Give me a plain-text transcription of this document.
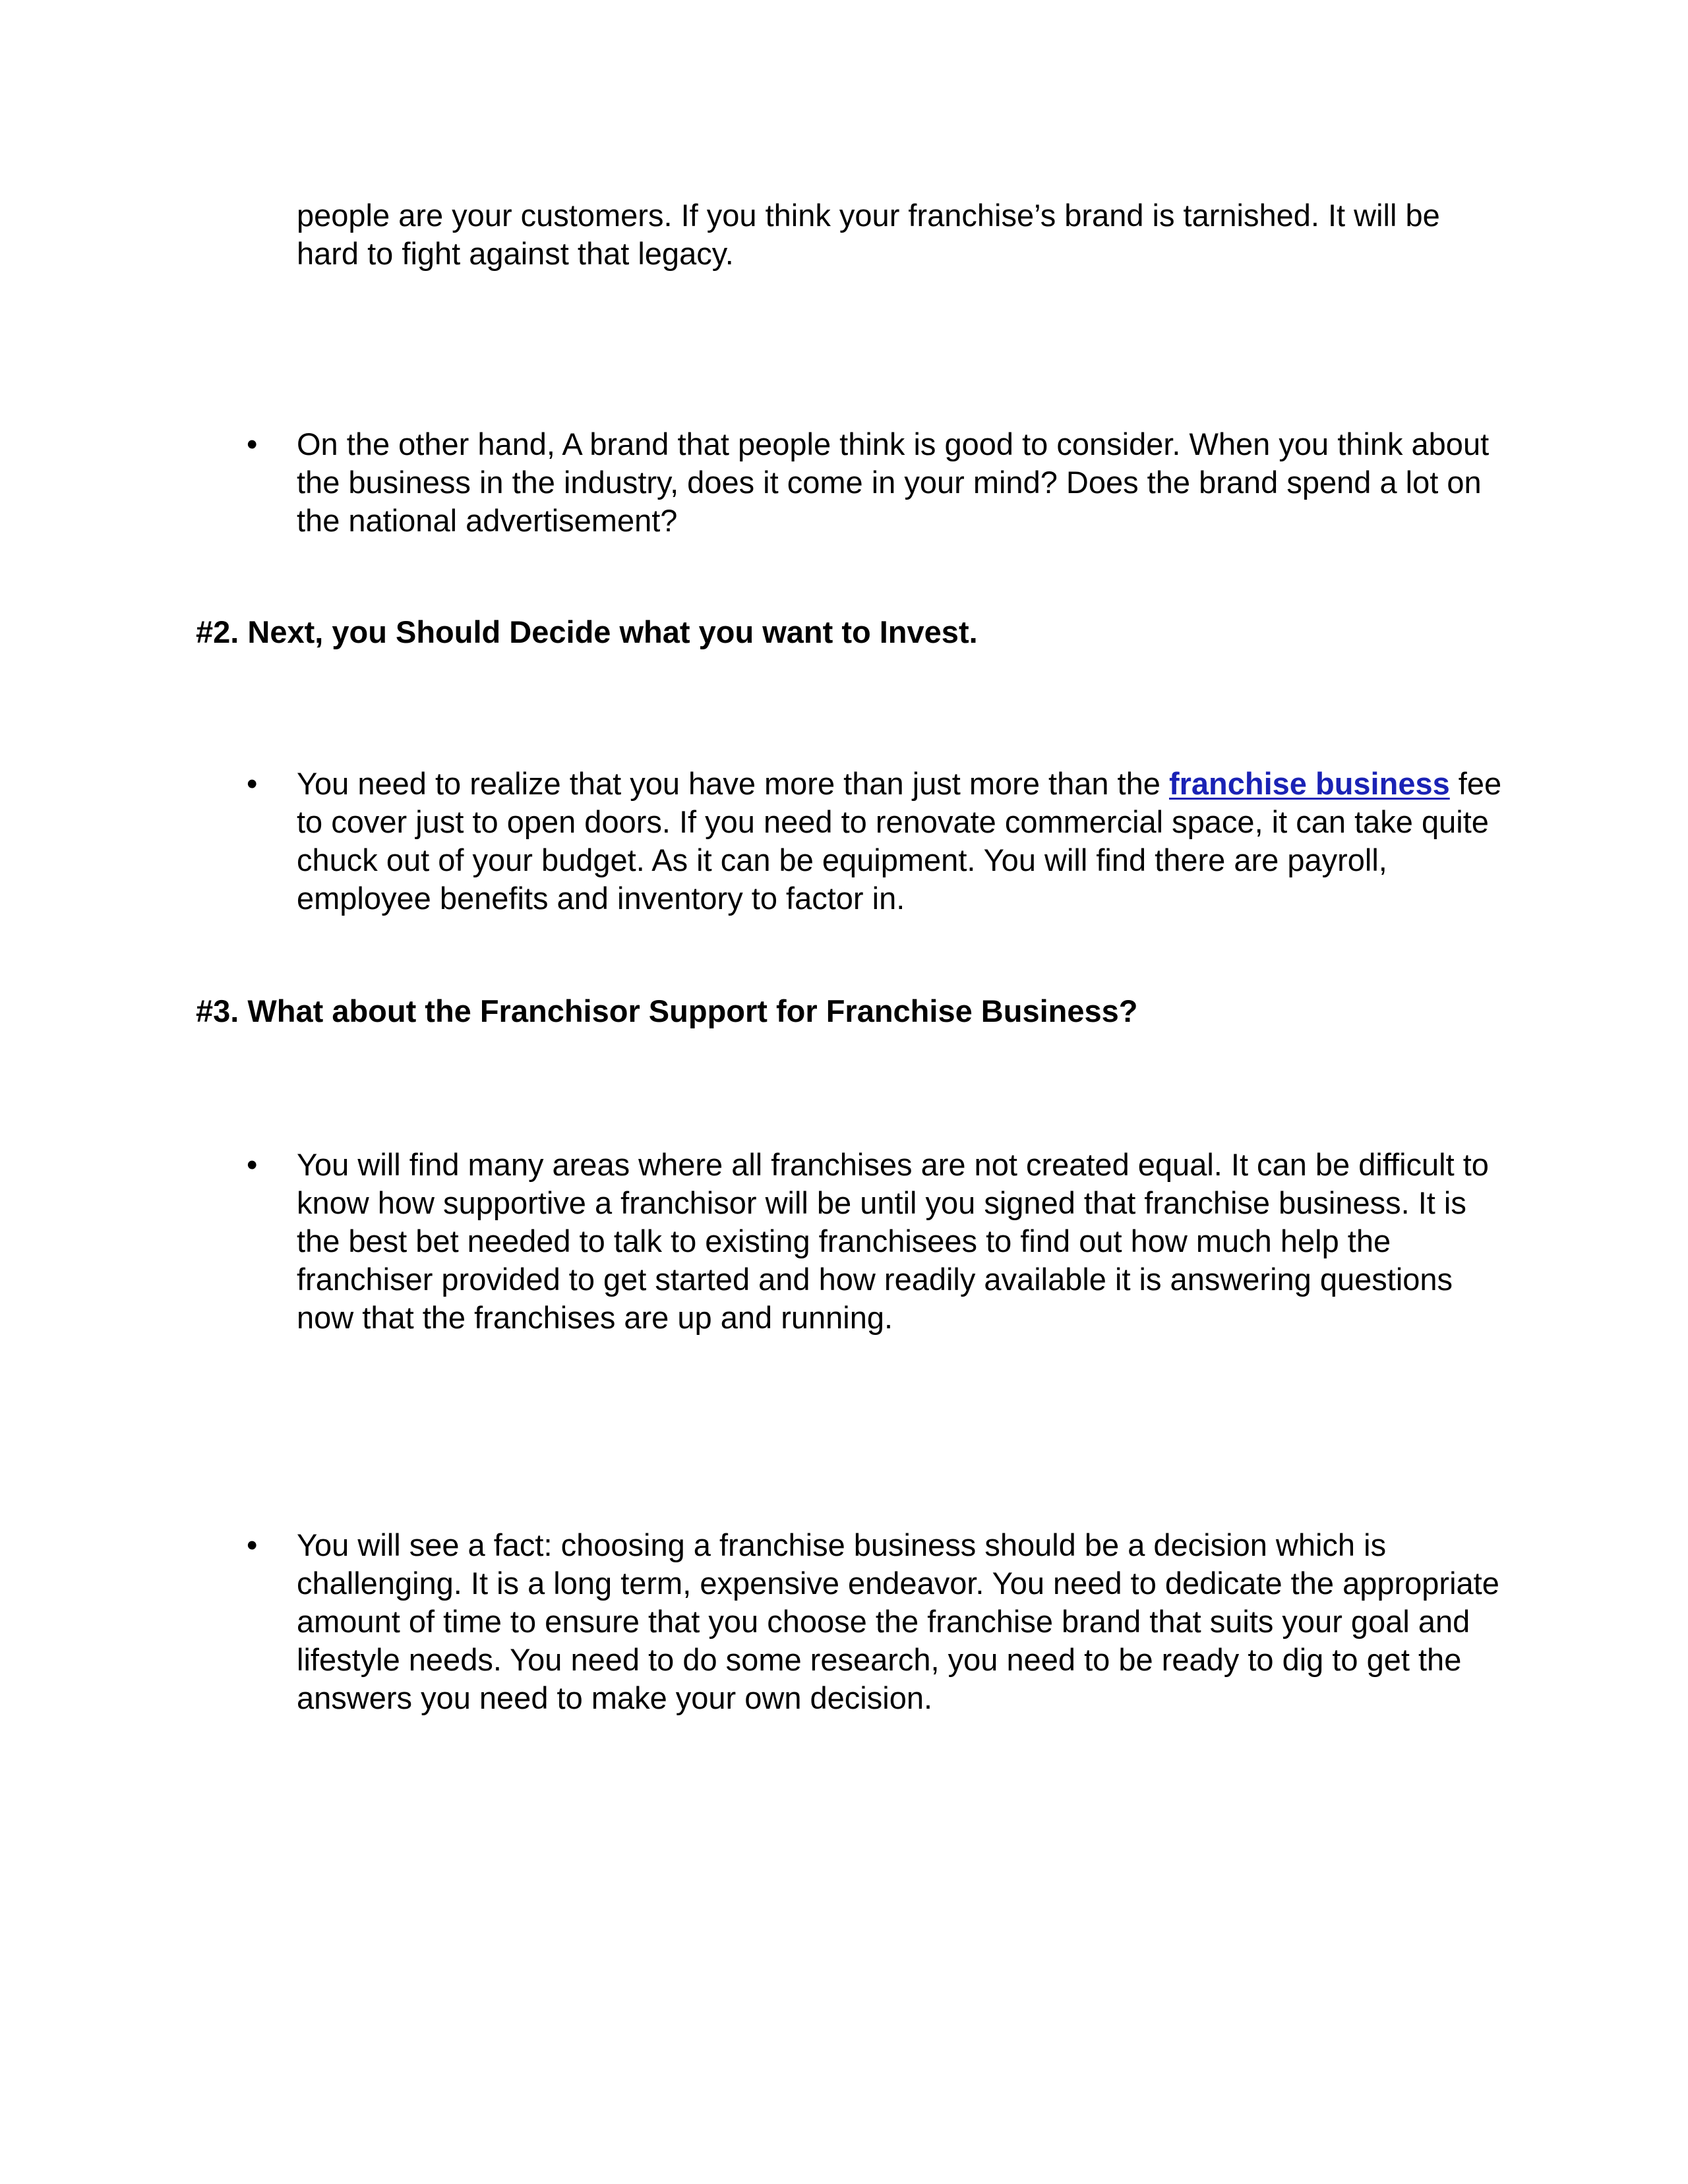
people are your customers. If you think your franchise’s brand is tarnished. It will be hard to fight against that legacy.

• On the other hand, A brand that people think is good to consider. When you think about the business in the industry, does it come in your mind? Does the brand spend a lot on the national advertisement?

#2. Next, you Should Decide what you want to Invest.
• You need to realize that you have more than just more than the franchise business fee to cover just to open doors. If you need to renovate commercial space, it can take quite chuck out of your budget. As it can be equipment. You will find there are payroll, employee benefits and inventory to factor in.

#3. What about the Franchisor Support for Franchise Business?
• You will find many areas where all franchises are not created equal. It can be difficult to know how supportive a franchisor will be until you signed that franchise business. It is the best bet needed to talk to existing franchisees to find out how much help the franchiser provided to get started and how readily available it is answering questions now that the franchises are up and running.

• You will see a fact: choosing a franchise business should be a decision which is challenging. It is a long term, expensive endeavor. You need to dedicate the appropriate amount of time to ensure that you choose the franchise brand that suits your goal and lifestyle needs. You need to do some research, you need to be ready to dig to get the answers you need to make your own decision.
